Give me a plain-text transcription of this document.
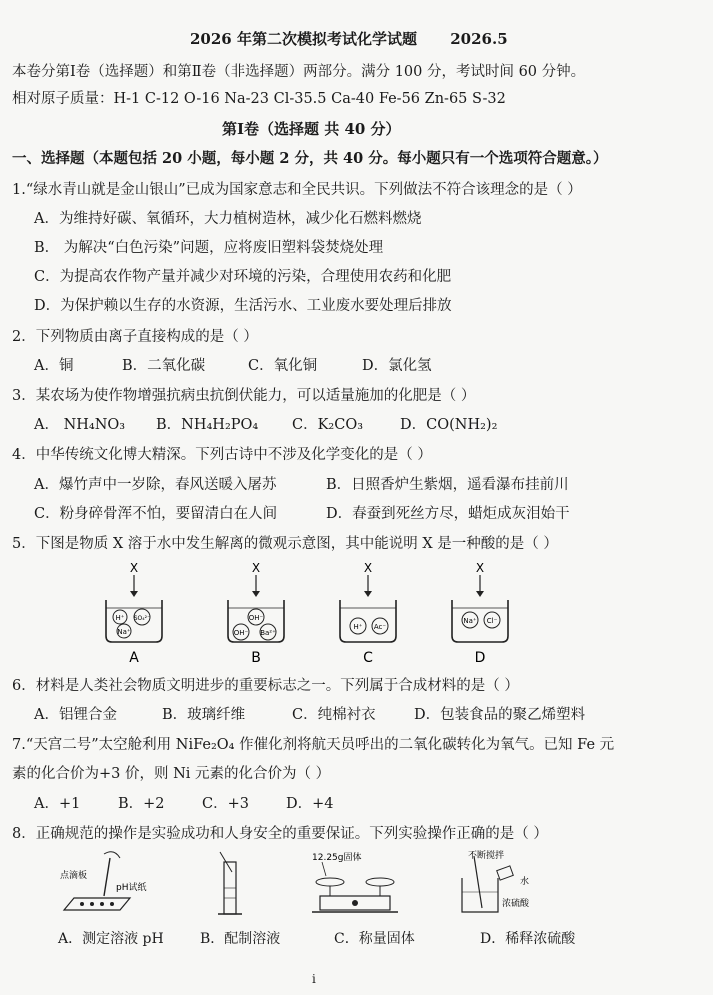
2026 年第二次模拟考试化学试题 2026.5
本卷分第Ⅰ卷（选择题）和第Ⅱ卷（非选择题）两部分。满分 100 分，考试时间 60 分钟。
相对原子质量：H-1 C-12 O-16 Na-23 Cl-35.5 Ca-40 Fe-56 Zn-65 S-32
第Ⅰ卷（选择题 共 40 分）
一、选择题（本题包括 20 小题，每小题 2 分，共 40 分。每小题只有一个选项符合题意。）
1.“绿水青山就是金山银山”已成为国家意志和全民共识。下列做法不符合该理念的是（ ）
A．为维持好碳、氧循环，大力植树造林，减少化石燃料燃烧
B． 为解决“白色污染”问题，应将废旧塑料袋焚烧处理
C．为提高农作物产量并减少对环境的污染，合理使用农药和化肥
D．为保护赖以生存的水资源，生活污水、工业废水要处理后排放
2．下列物质由离子直接构成的是（ ）
A．铜	B．二氧化碳	C．氧化铜	D．氯化氢
3．某农场为使作物增强抗病虫抗倒伏能力，可以适量施加的化肥是（ ）
A． NH₄NO₃ B．NH₄H₂PO₄ C．K₂CO₃	D．CO(NH₂)₂
4．中华传统文化博大精深。下列古诗中不涉及化学变化的是（ ）
A．爆竹声中一岁除，春风送暖入屠苏	B．日照香炉生紫烟，遥看瀑布挂前川
C．粉身碎骨浑不怕，要留清白在人间	D．春蚕到死丝方尽，蜡炬成灰泪始干
5．下图是物质 X 溶于水中发生解离的微观示意图，其中能说明 X 是一种酸的是（ ）
X
H⁺ SO₄²⁻
Na⁺
A
X
OH⁻
OH⁻ Ba²⁺
B
X
H⁺ Ac⁻
C
X
Na⁺ Cl⁻
D
6．材料是人类社会物质文明进步的重要标志之一。下列属于合成材料的是（ ）
A．铝锂合金	B．玻璃纤维	C．纯棉衬衣	D．包装食品的聚乙烯塑料
7.“天宫二号”太空舱利用 NiFe₂O₄ 作催化剂将航天员呼出的二氧化碳转化为氧气。已知 Fe 元
素的化合价为+3 价，则 Ni 元素的化合价为（ ）
A．+1	B．+2	C．+3	D．+4
8．正确规范的操作是实验成功和人身安全的重要保证。下列实验操作正确的是（ ）
点滴板
pH试纸
12.25g固体	不断搅拌
水
浓硫酸
A．测定溶液 pH	B．配制溶液	C．称量固体	D．稀释浓硫酸
i
